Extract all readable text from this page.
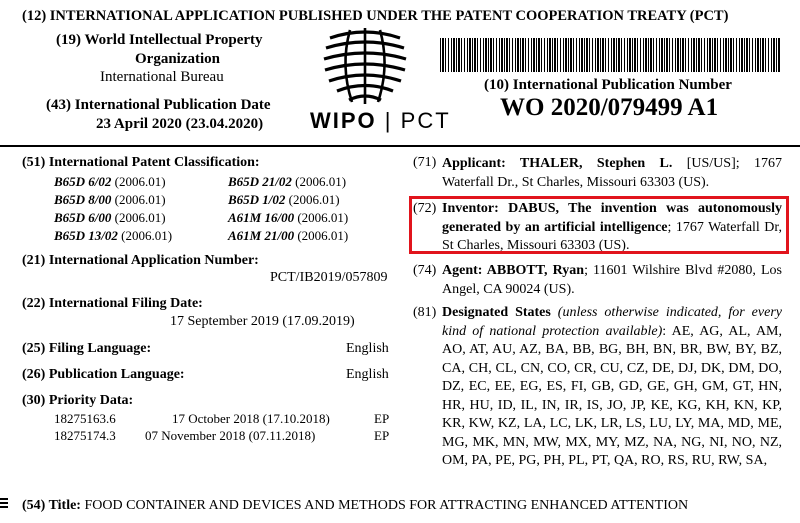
(12) INTERNATIONAL APPLICATION PUBLISHED UNDER THE PATENT COOPERATION TREATY (PCT)
(19) World Intellectual Property
Organization
International Bureau
(43) International Publication Date
23 April 2020 (23.04.2020) WIPO | PCT
(10) International Publication Number
WO 2020/079499 A1
(51) International Patent Classification:
B65D 6/02 (2006.01)	B65D 21/02 (2006.01)
B65D 8/00 (2006.01)	B65D 1/02 (2006.01)
B65D 6/00 (2006.01)	A61M 16/00 (2006.01)
B65D 13/02 (2006.01)	A61M 21/00 (2006.01)
(21) International Application Number:
PCT/IB2019/057809
(22) International Filing Date:
17 September 2019 (17.09.2019)
(25) Filing Language:	English
(26) Publication Language:	English
(30) Priority Data:
18275163.6	17 October 2018 (17.10.2018)	EP
18275174.3 07 November 2018 (07.11.2018)	EP
(71) Applicant: THALER, Stephen L. [US/US]; 1767 Waterfall Dr., St Charles, Missouri 63303 (US).
(72) Inventor: DABUS, The invention was autonomously generated by an artificial intelligence; 1767 Waterfall Dr, St Charles, Missouri 63303 (US).
(74) Agent: ABBOTT, Ryan; 11601 Wilshire Blvd #2080, Los Angel, CA 90024 (US).
(81) Designated States (unless otherwise indicated, for every kind of national protection available): AE, AG, AL, AM, AO, AT, AU, AZ, BA, BB, BG, BH, BN, BR, BW, BY, BZ, CA, CH, CL, CN, CO, CR, CU, CZ, DE, DJ, DK, DM, DO, DZ, EC, EE, EG, ES, FI, GB, GD, GE, GH, GM, GT, HN, HR, HU, ID, IL, IN, IR, IS, JO, JP, KE, KG, KH, KN, KP, KR, KW, KZ, LA, LC, LK, LR, LS, LU, LY, MA, MD, ME, MG, MK, MN, MW, MX, MY, MZ, NA, NG, NI, NO, NZ, OM, PA, PE, PG, PH, PL, PT, QA, RO, RS, RU, RW, SA,
(54) Title: FOOD CONTAINER AND DEVICES AND METHODS FOR ATTRACTING ENHANCED ATTENTION
